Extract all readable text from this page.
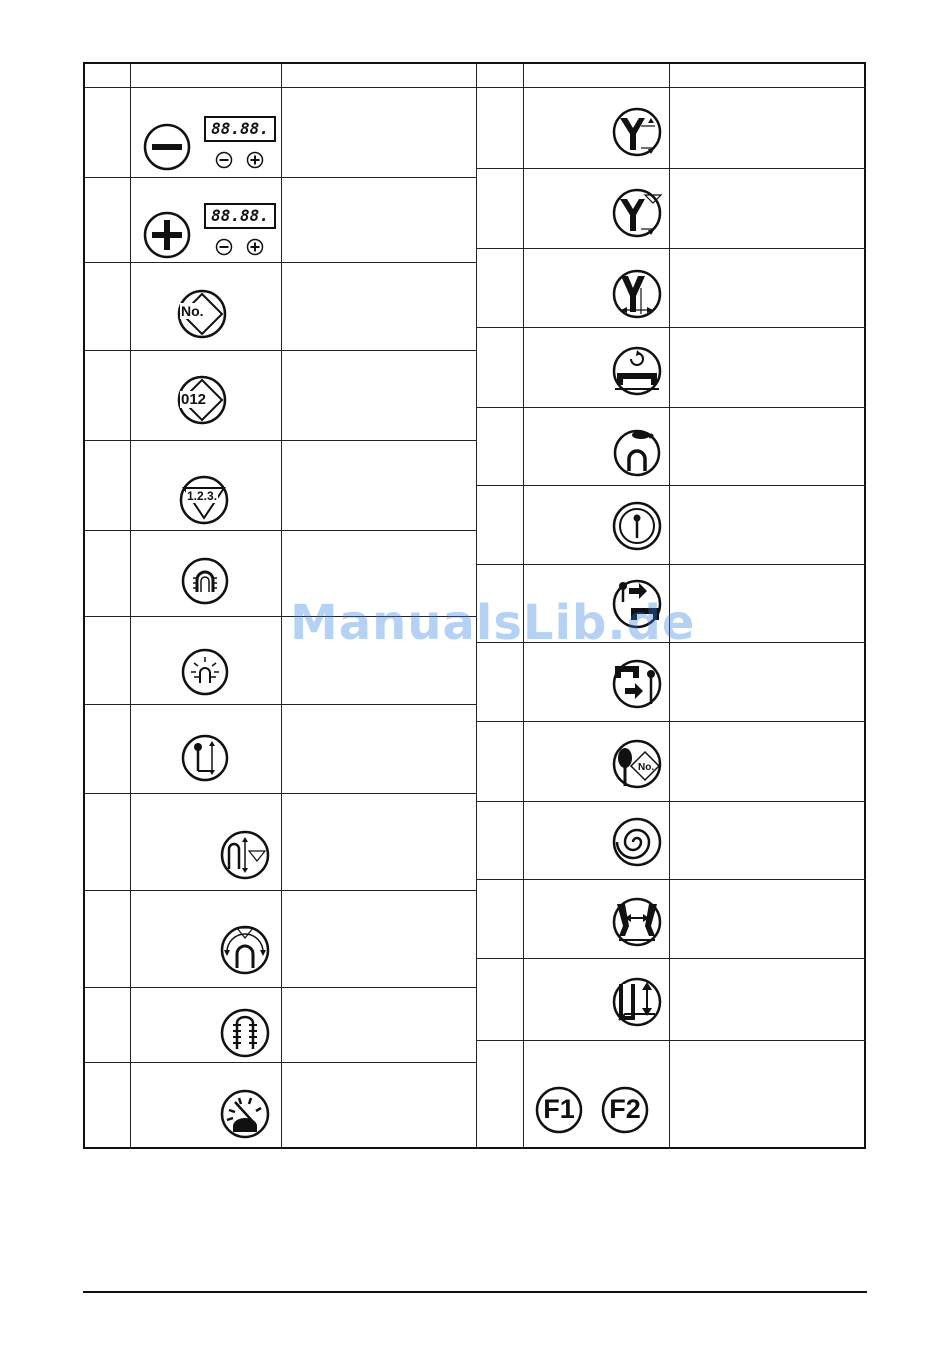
88.88.
88.88.
No.
012
1.2.3.
No.
F1 F2
ManualsLib.de
